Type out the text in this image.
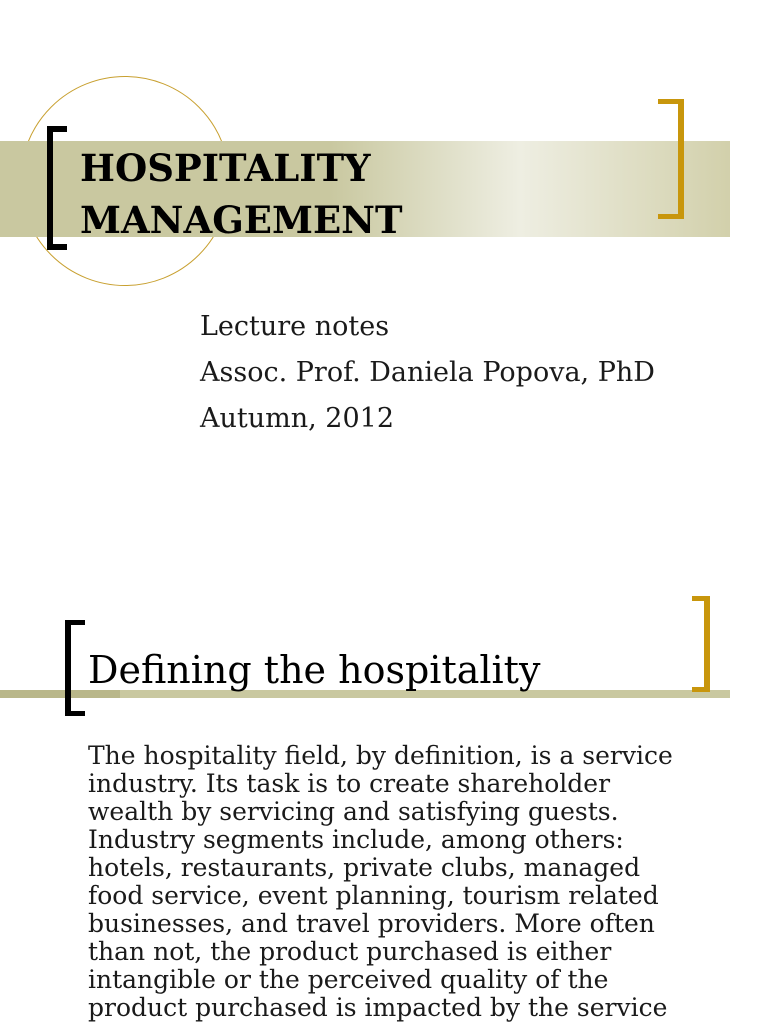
HOSPITALITY
MANAGEMENT
Lecture notes
Assoc. Prof. Daniela Popova, PhD
Autumn, 2012
Defining the hospitality
The hospitality field, by definition, is a service
industry. Its task is to create shareholder
wealth by servicing and satisfying guests.
Industry segments include, among others:
hotels, restaurants, private clubs, managed
food service, event planning, tourism related
businesses, and travel providers. More often
than not, the product purchased is either
intangible or the perceived quality of the
product purchased is impacted by the service
